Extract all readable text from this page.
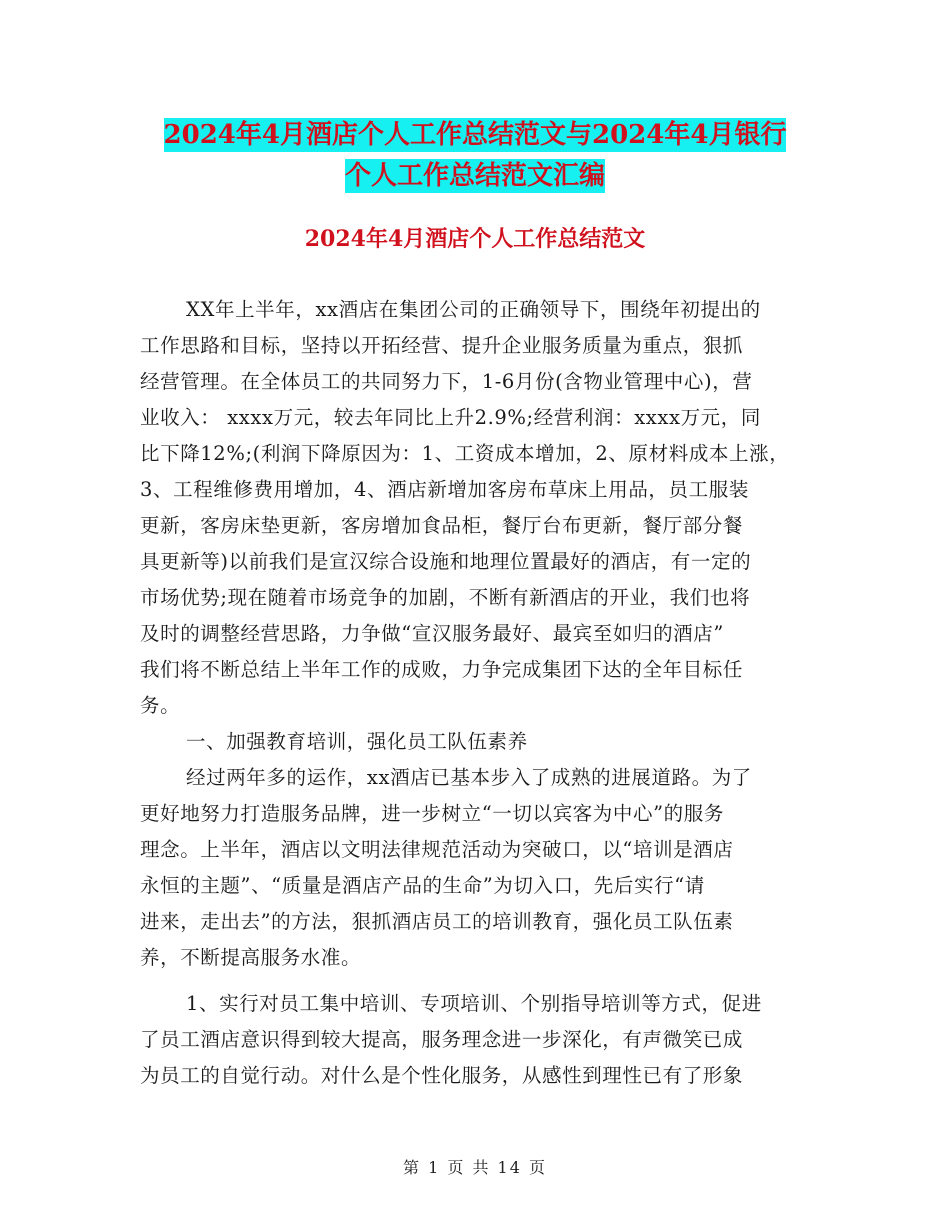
2024年4月酒店个人工作总结范文与2024年4月银行
个人工作总结范文汇编
2024年4月酒店个人工作总结范文
XX年上半年，xx酒店在集团公司的正确领导下，围绕年初提出的
工作思路和目标，坚持以开拓经营、提升企业服务质量为重点，狠抓
经营管理。在全体员工的共同努力下，1-6月份(含物业管理中心)，营
业收入： xxxx万元，较去年同比上升2.9%;经营利润：xxxx万元，同
比下降12%;(利润下降原因为：1、工资成本增加，2、原材料成本上涨，
3、工程维修费用增加，4、酒店新增加客房布草床上用品，员工服装
更新，客房床垫更新，客房增加食品柜，餐厅台布更新，餐厅部分餐
具更新等)以前我们是宣汉综合设施和地理位置最好的酒店，有一定的
市场优势;现在随着市场竞争的加剧，不断有新酒店的开业，我们也将
及时的调整经营思路，力争做“宣汉服务最好、最宾至如归的酒店”
我们将不断总结上半年工作的成败，力争完成集团下达的全年目标任
务。
一、加强教育培训，强化员工队伍素养
经过两年多的运作，xx酒店已基本步入了成熟的进展道路。为了
更好地努力打造服务品牌，进一步树立“一切以宾客为中心”的服务
理念。上半年，酒店以文明法律规范活动为突破口，以“培训是酒店
永恒的主题”、“质量是酒店产品的生命”为切入口，先后实行“请
进来，走出去”的方法，狠抓酒店员工的培训教育，强化员工队伍素
养，不断提高服务水准。
1、实行对员工集中培训、专项培训、个别指导培训等方式，促进
了员工酒店意识得到较大提高，服务理念进一步深化，有声微笑已成
为员工的自觉行动。对什么是个性化服务，从感性到理性已有了形象
第 1 页 共 14 页
